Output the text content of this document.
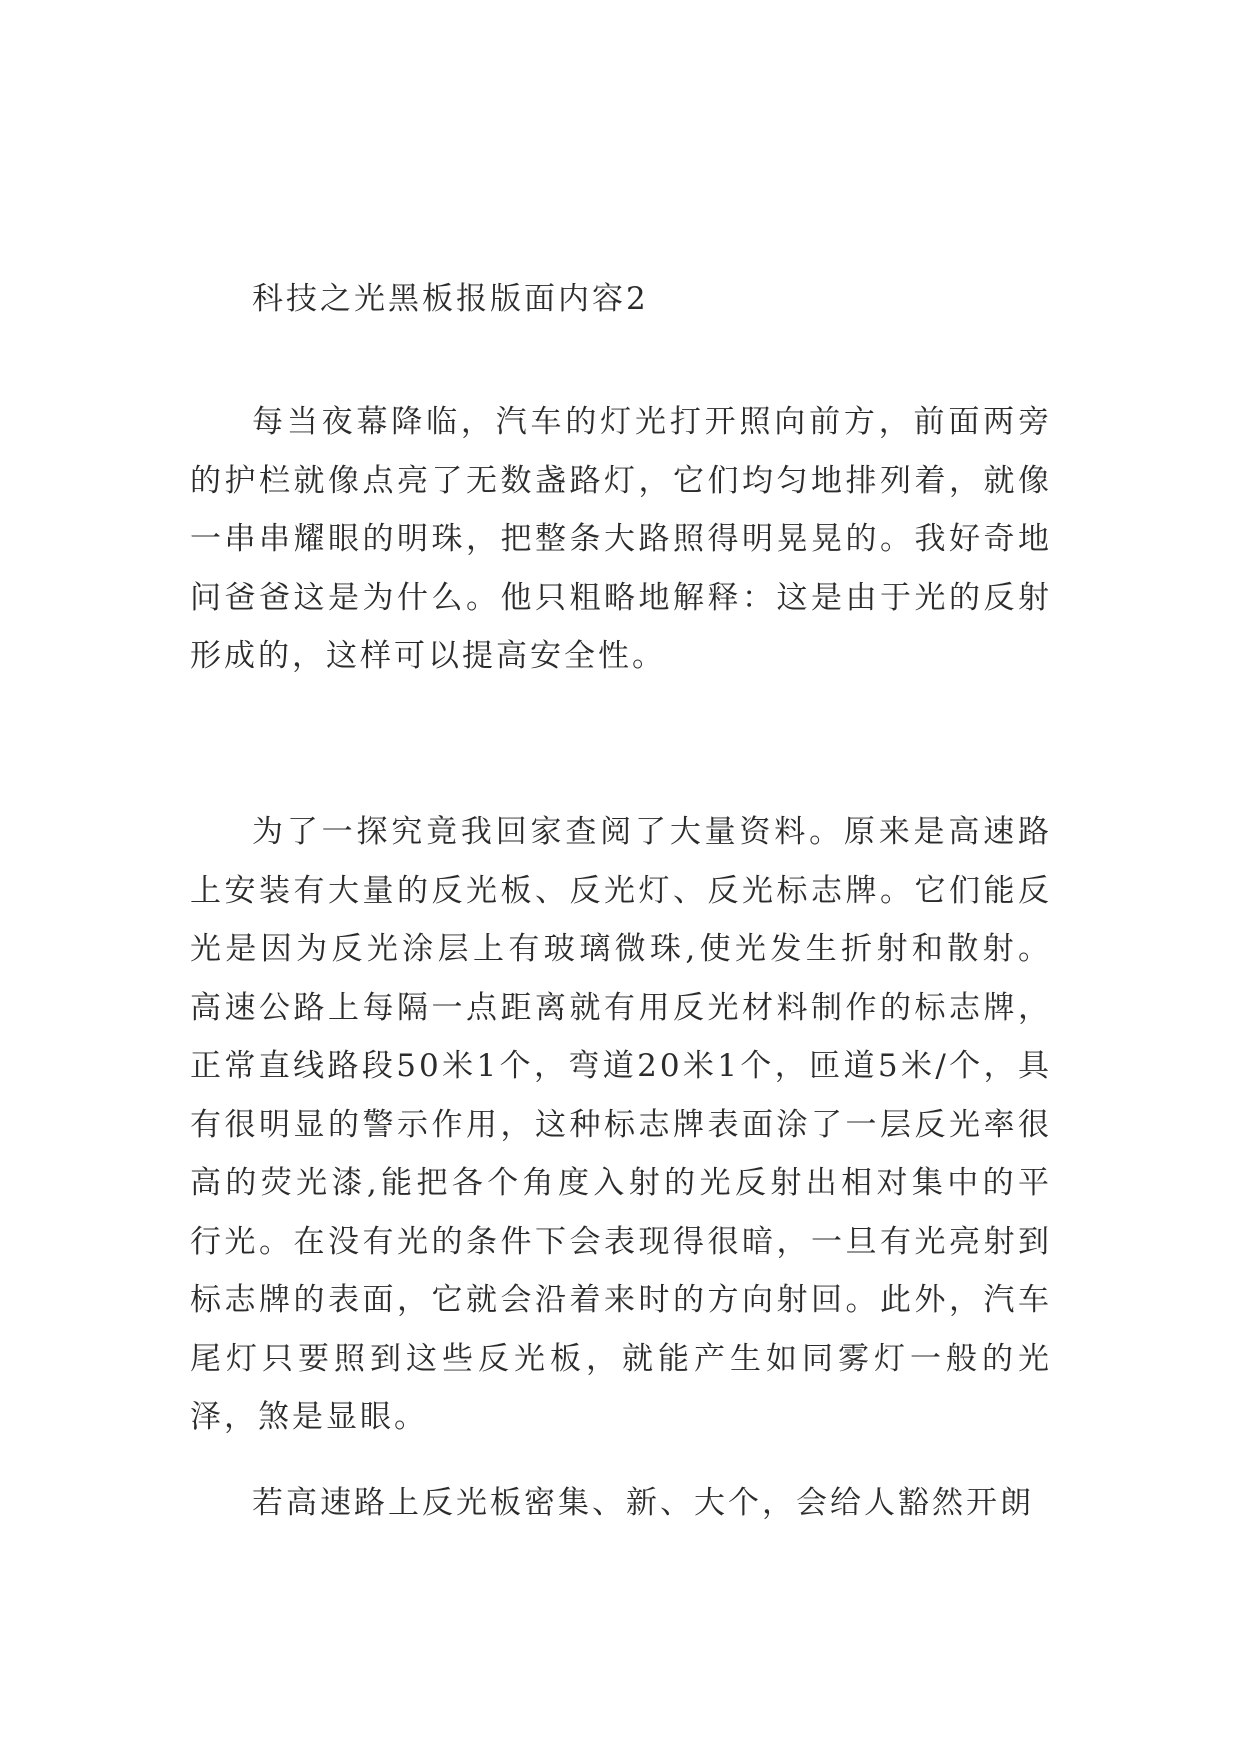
科技之光黑板报版面内容2

每当夜幕降临，汽车的灯光打开照向前方，前面两旁的护栏就像点亮了无数盏路灯，它们均匀地排列着，就像一串串耀眼的明珠，把整条大路照得明晃晃的。我好奇地问爸爸这是为什么。他只粗略地解释：这是由于光的反射形成的，这样可以提高安全性。

为了一探究竟我回家查阅了大量资料。原来是高速路上安装有大量的反光板、反光灯、反光标志牌。它们能反光是因为反光涂层上有玻璃微珠,使光发生折射和散射。高速公路上每隔一点距离就有用反光材料制作的标志牌，正常直线路段50米1个，弯道20米1个，匝道5米/个，具有很明显的警示作用，这种标志牌表面涂了一层反光率很高的荧光漆,能把各个角度入射的光反射出相对集中的平行光。在没有光的条件下会表现得很暗，一旦有光亮射到标志牌的表面，它就会沿着来时的方向射回。此外，汽车尾灯只要照到这些反光板，就能产生如同雾灯一般的光泽，煞是显眼。

若高速路上反光板密集、新、大个，会给人豁然开朗
